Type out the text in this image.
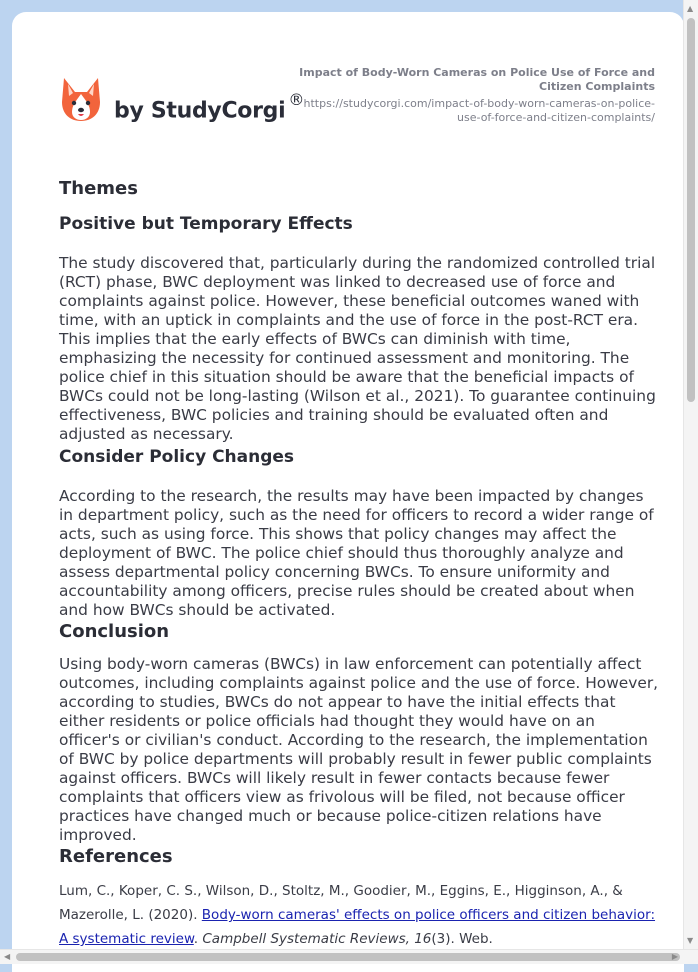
by StudyCorgi ®
Impact of Body-Worn Cameras on Police Use of Force and Citizen Complaints
https://studycorgi.com/impact-of-body-worn-cameras-on-police-use-of-force-and-citizen-complaints/
Themes
Positive but Temporary Effects

The study discovered that, particularly during the randomized controlled trial (RCT) phase, BWC deployment was linked to decreased use of force and complaints against police. However, these beneficial outcomes waned with time, with an uptick in complaints and the use of force in the post-RCT era. This implies that the early effects of BWCs can diminish with time, emphasizing the necessity for continued assessment and monitoring. The police chief in this situation should be aware that the beneficial impacts of BWCs could not be long-lasting (Wilson et al., 2021). To guarantee continuing effectiveness, BWC policies and training should be evaluated often and adjusted as necessary.

Consider Policy Changes

According to the research, the results may have been impacted by changes in department policy, such as the need for officers to record a wider range of acts, such as using force. This shows that policy changes may affect the deployment of BWC. The police chief should thus thoroughly analyze and assess departmental policy concerning BWCs. To ensure uniformity and accountability among officers, precise rules should be created about when and how BWCs should be activated.

Conclusion

Using body-worn cameras (BWCs) in law enforcement can potentially affect outcomes, including complaints against police and the use of force. However, according to studies, BWCs do not appear to have the initial effects that either residents or police officials had thought they would have on an officer's or civilian's conduct. According to the research, the implementation of BWC by police departments will probably result in fewer public complaints against officers. BWCs will likely result in fewer contacts because fewer complaints that officers view as frivolous will be filed, not because officer practices have changed much or because police-citizen relations have improved.

References
Lum, C., Koper, C. S., Wilson, D., Stoltz, M., Goodier, M., Eggins, E., Higginson, A., & Mazerolle, L. (2020). Body-worn cameras' effects on police officers and citizen behavior: A systematic review. Campbell Systematic Reviews, 16(3). Web.
▲
▼
◀	▶
